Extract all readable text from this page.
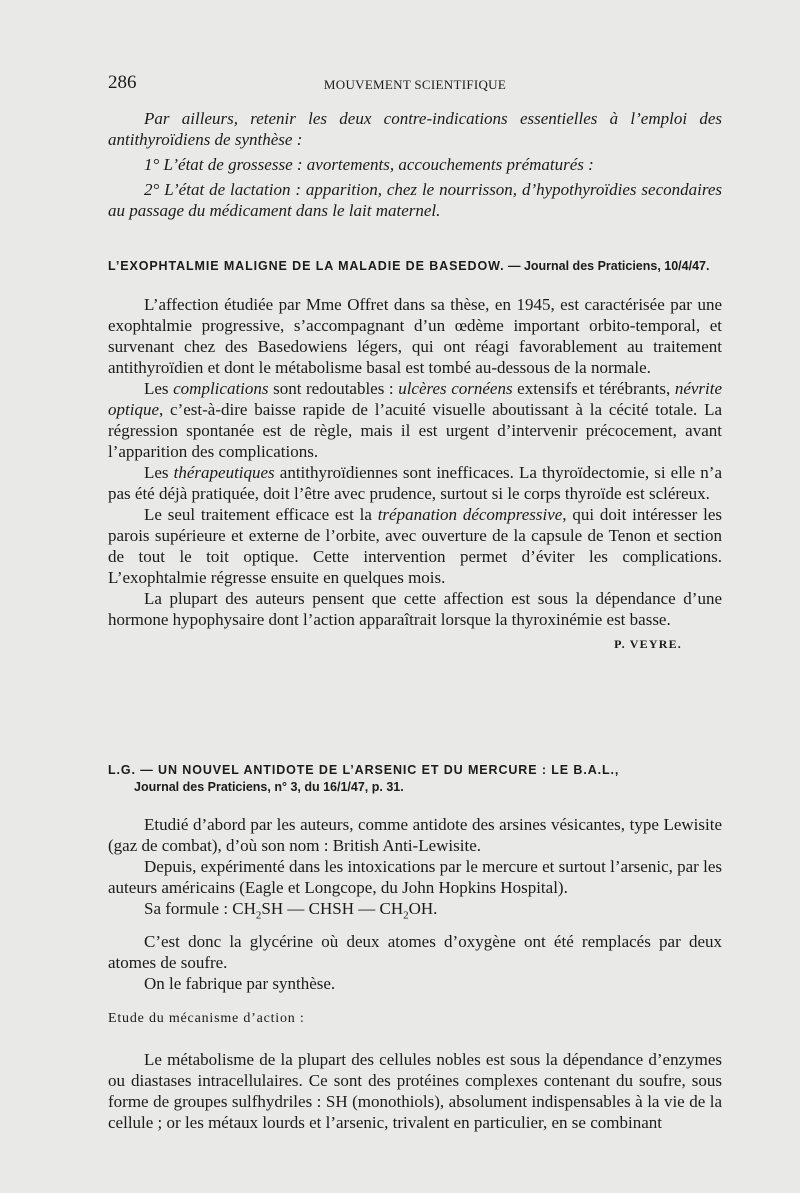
286	MOUVEMENT SCIENTIFIQUE

Par ailleurs, retenir les deux contre-indications essentielles à l’emploi des antithyroïdiens de synthèse :

1° L’état de grossesse : avortements, accouchements prématurés :

2° L’état de lactation : apparition, chez le nourrisson, d’hypothyroïdies secondaires au passage du médicament dans le lait maternel.

L’EXOPHTALMIE MALIGNE DE LA MALADIE DE BASEDOW. — Journal des Praticiens, 10/4/47.

L’affection étudiée par Mme Offret dans sa thèse, en 1945, est caractérisée par une exophtalmie progressive, s’accompagnant d’un œdème important orbito-temporal, et survenant chez des Basedowiens légers, qui ont réagi favorablement au traitement antithyroïdien et dont le métabolisme basal est tombé au-dessous de la normale.

Les complications sont redoutables : ulcères cornéens extensifs et térébrants, névrite optique, c’est-à-dire baisse rapide de l’acuité visuelle aboutissant à la cécité totale. La régression spontanée est de règle, mais il est urgent d’intervenir précocement, avant l’apparition des complications.

Les thérapeutiques antithyroïdiennes sont inefficaces. La thyroïdectomie, si elle n’a pas été déjà pratiquée, doit l’être avec prudence, surtout si le corps thyroïde est scléreux.

Le seul traitement efficace est la trépanation décompressive, qui doit intéresser les parois supérieure et externe de l’orbite, avec ouverture de la capsule de Tenon et section de tout le toit optique. Cette intervention permet d’éviter les complications. L’exophtalmie régresse ensuite en quelques mois.

La plupart des auteurs pensent que cette affection est sous la dépendance d’une hormone hypophysaire dont l’action apparaîtrait lorsque la thyroxinémie est basse.

P. VEYRE.
L.G. — UN NOUVEL ANTIDOTE DE L’ARSENIC ET DU MERCURE : LE B.A.L.,
Journal des Praticiens, n° 3, du 16/1/47, p. 31.

Etudié d’abord par les auteurs, comme antidote des arsines vésicantes, type Lewisite (gaz de combat), d’où son nom : British Anti-Lewisite.

Depuis, expérimenté dans les intoxications par le mercure et surtout l’arsenic, par les auteurs américains (Eagle et Longcope, du John Hopkins Hospital).

Sa formule : $CH_2SH$ — CHSH — $CH_2OH$.

C’est donc la glycérine où deux atomes d’oxygène ont été remplacés par deux atomes de soufre.

On le fabrique par synthèse.

Etude du mécanisme d’action :

Le métabolisme de la plupart des cellules nobles est sous la dépendance d’enzymes ou diastases intracellulaires. Ce sont des protéines complexes contenant du soufre, sous forme de groupes sulfhydriles : SH (monothiols), absolument indispensables à la vie de la cellule ; or les métaux lourds et l’arsenic, trivalent en particulier, en se combinant
